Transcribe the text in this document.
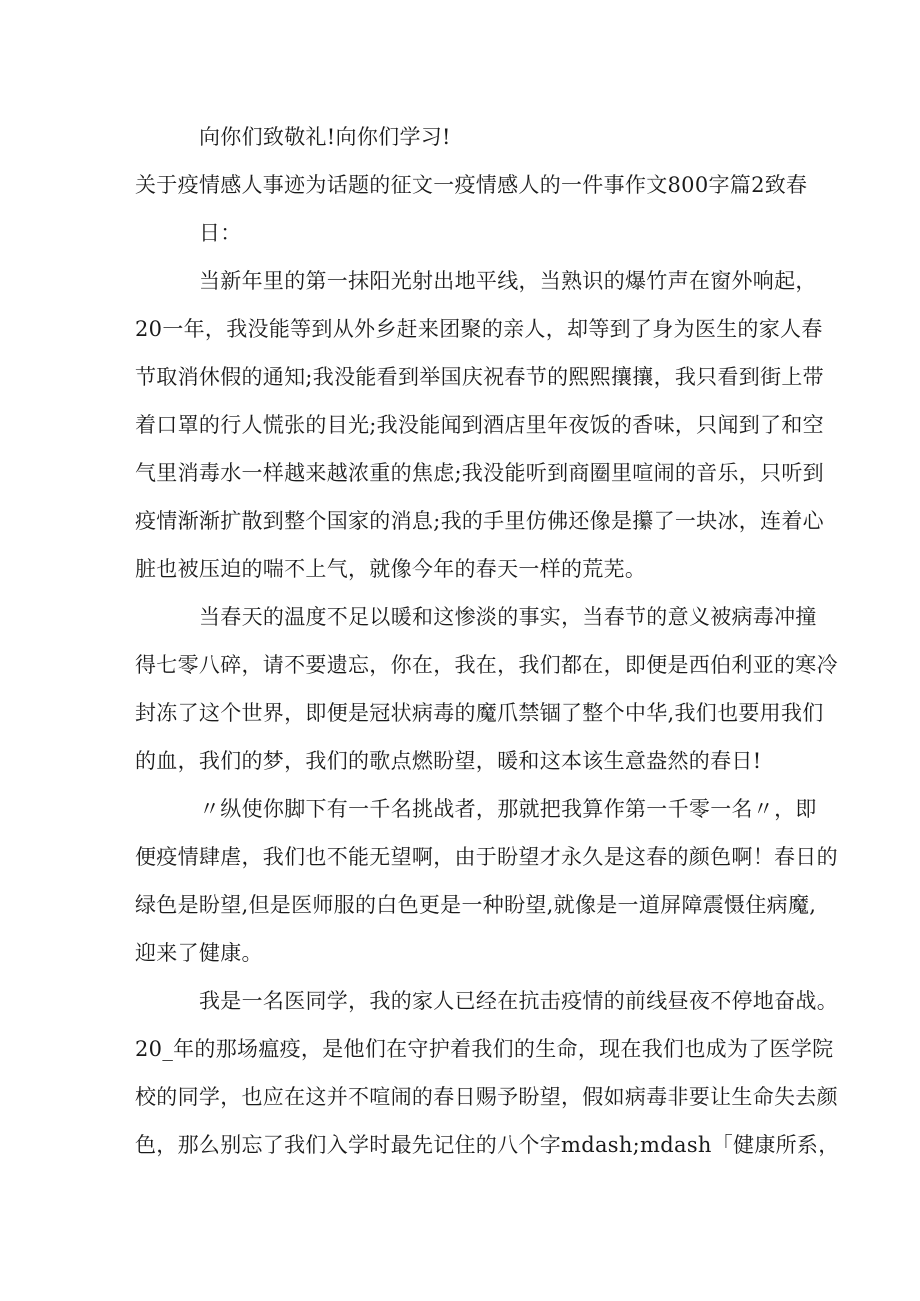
向你们致敬礼!向你们学习!
关于疫情感人事迹为话题的征文一疫情感人的一件事作文800字篇2致春
日：
当新年里的第一抹阳光射出地平线，当熟识的爆竹声在窗外响起，
20一年，我没能等到从外乡赶来团聚的亲人，却等到了身为医生的家人春
节取消休假的通知;我没能看到举国庆祝春节的熙熙攘攘，我只看到街上带
着口罩的行人慌张的目光;我没能闻到酒店里年夜饭的香味，只闻到了和空
气里消毒水一样越来越浓重的焦虑;我没能听到商圈里喧闹的音乐，只听到
疫情渐渐扩散到整个国家的消息;我的手里仿佛还像是攥了一块冰，连着心
脏也被压迫的喘不上气，就像今年的春天一样的荒芜。
当春天的温度不足以暖和这惨淡的事实，当春节的意义被病毒冲撞
得七零八碎，请不要遗忘，你在，我在，我们都在，即便是西伯利亚的寒冷
封冻了这个世界，即便是冠状病毒的魔爪禁锢了整个中华,我们也要用我们
的血，我们的梦，我们的歌点燃盼望，暖和这本该生意盎然的春日!
〃纵使你脚下有一千名挑战者，那就把我算作第一千零一名〃，即
便疫情肆虐，我们也不能无望啊，由于盼望才永久是这春的颜色啊！春日的
绿色是盼望,但是医师服的白色更是一种盼望,就像是一道屏障震慑住病魔,
迎来了健康。
我是一名医同学，我的家人已经在抗击疫情的前线昼夜不停地奋战。
20_年的那场瘟疫，是他们在守护着我们的生命，现在我们也成为了医学院
校的同学，也应在这并不喧闹的春日赐予盼望，假如病毒非要让生命失去颜
色，那么别忘了我们入学时最先记住的八个字mdash;mdash「健康所系，
